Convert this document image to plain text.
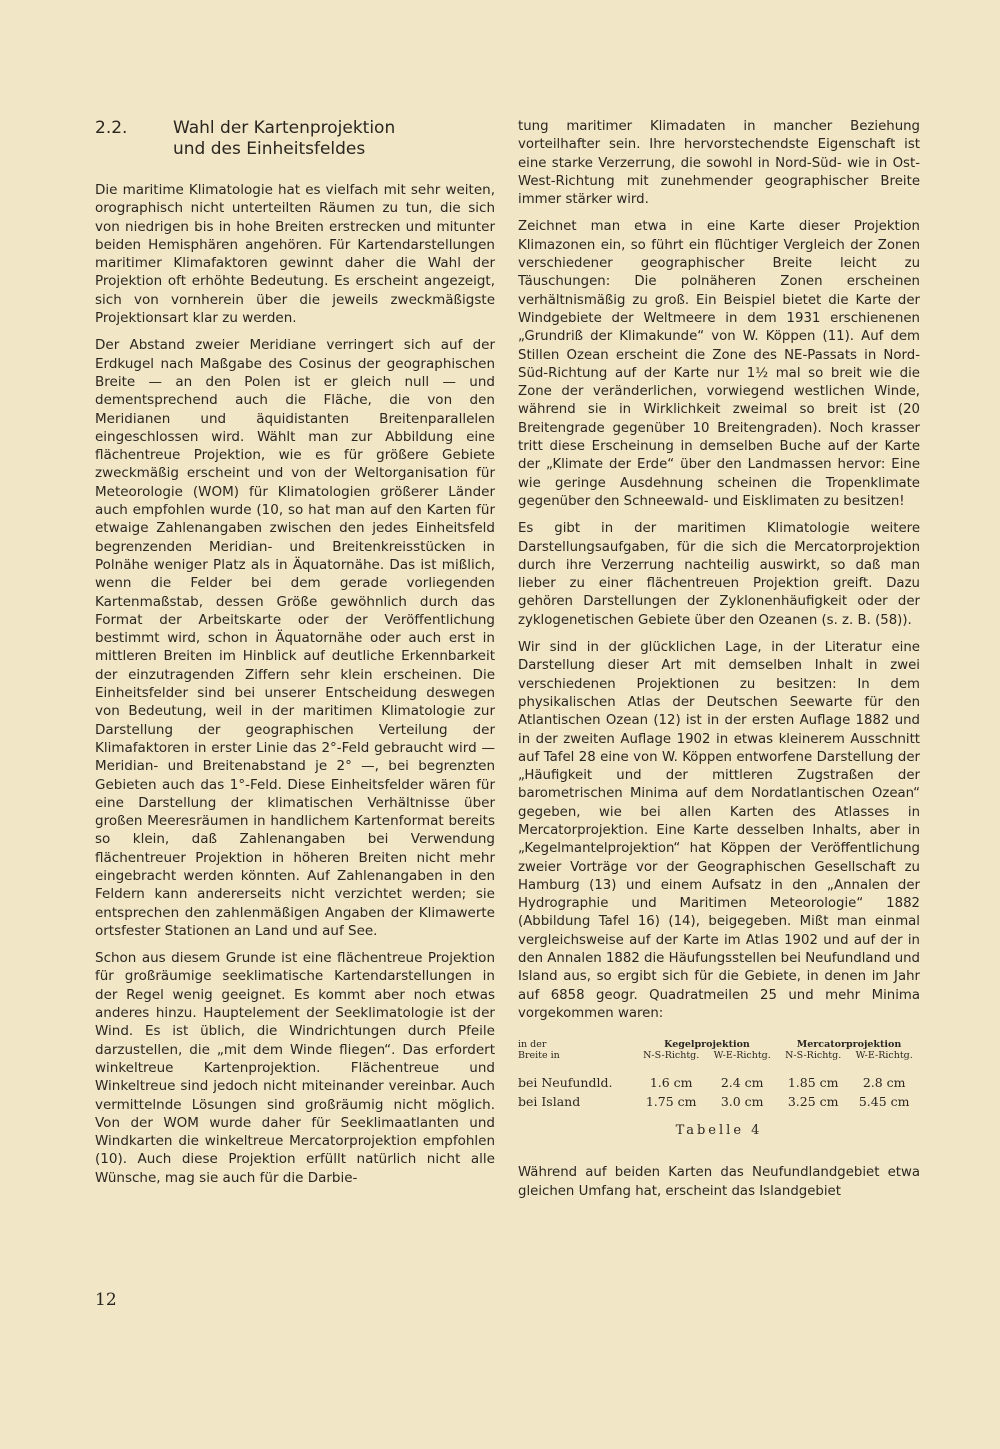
2.2.	Wahl der Kartenprojektion
und des Einheitsfeldes

Die maritime Klimatologie hat es vielfach mit sehr weiten, orographisch nicht unterteilten Räumen zu tun, die sich von niedrigen bis in hohe Breiten erstrecken und mitunter beiden Hemisphären angehören. Für Kartendarstellungen maritimer Klimafaktoren gewinnt daher die Wahl der Projektion oft erhöhte Bedeutung. Es erscheint angezeigt, sich von vornherein über die jeweils zweckmäßigste Projektionsart klar zu werden.

Der Abstand zweier Meridiane verringert sich auf der Erdkugel nach Maßgabe des Cosinus der geographischen Breite — an den Polen ist er gleich null — und dementsprechend auch die Fläche, die von den Meridianen und äquidistanten Breitenparallelen eingeschlossen wird. Wählt man zur Abbildung eine flächentreue Projektion, wie es für größere Gebiete zweckmäßig erscheint und von der Weltorganisation für Meteorologie (WOM) für Klimatologien größerer Länder auch empfohlen wurde (10, so hat man auf den Karten für etwaige Zahlenangaben zwischen den jedes Einheitsfeld begrenzenden Meridian- und Breitenkreisstücken in Polnähe weniger Platz als in Äquatornähe. Das ist mißlich, wenn die Felder bei dem gerade vorliegenden Kartenmaßstab, dessen Größe gewöhnlich durch das Format der Arbeitskarte oder der Veröffentlichung bestimmt wird, schon in Äquatornähe oder auch erst in mittleren Breiten im Hinblick auf deutliche Erkennbarkeit der einzutragenden Ziffern sehr klein erscheinen. Die Einheitsfelder sind bei unserer Entscheidung deswegen von Bedeutung, weil in der maritimen Klimatologie zur Darstellung der geographischen Verteilung der Klimafaktoren in erster Linie das 2°-Feld gebraucht wird — Meridian- und Breitenabstand je 2° —, bei begrenzten Gebieten auch das 1°-Feld. Diese Einheitsfelder wären für eine Darstellung der klimatischen Verhältnisse über großen Meeresräumen in handlichem Kartenformat bereits so klein, daß Zahlenangaben bei Verwendung flächentreuer Projektion in höheren Breiten nicht mehr eingebracht werden könnten. Auf Zahlenangaben in den Feldern kann andererseits nicht verzichtet werden; sie entsprechen den zahlenmäßigen Angaben der Klimawerte ortsfester Stationen an Land und auf See.

Schon aus diesem Grunde ist eine flächentreue Projektion für großräumige seeklimatische Kartendarstellungen in der Regel wenig geeignet. Es kommt aber noch etwas anderes hinzu. Hauptelement der Seeklimatologie ist der Wind. Es ist üblich, die Windrichtungen durch Pfeile darzustellen, die „mit dem Winde fliegen“. Das erfordert winkeltreue Kartenprojektion. Flächentreue und Winkeltreue sind jedoch nicht miteinander vereinbar. Auch vermittelnde Lösungen sind großräumig nicht möglich. Von der WOM wurde daher für Seeklimaatlanten und Windkarten die winkeltreue Mercatorprojektion empfohlen (10). Auch diese Projektion erfüllt natürlich nicht alle Wünsche, mag sie auch für die Darbie-

tung maritimer Klimadaten in mancher Beziehung vorteilhafter sein. Ihre hervorstechendste Eigenschaft ist eine starke Verzerrung, die sowohl in Nord-Süd- wie in Ost-West-Richtung mit zunehmender geographischer Breite immer stärker wird.

Zeichnet man etwa in eine Karte dieser Projektion Klimazonen ein, so führt ein flüchtiger Vergleich der Zonen verschiedener geographischer Breite leicht zu Täuschungen: Die polnäheren Zonen erscheinen verhältnismäßig zu groß. Ein Beispiel bietet die Karte der Windgebiete der Weltmeere in dem 1931 erschienenen „Grundriß der Klimakunde“ von W. Köppen (11). Auf dem Stillen Ozean erscheint die Zone des NE-Passats in Nord-Süd-Richtung auf der Karte nur 1½ mal so breit wie die Zone der veränderlichen, vorwiegend westlichen Winde, während sie in Wirklichkeit zweimal so breit ist (20 Breitengrade gegenüber 10 Breitengraden). Noch krasser tritt diese Erscheinung in demselben Buche auf der Karte der „Klimate der Erde“ über den Landmassen hervor: Eine wie geringe Ausdehnung scheinen die Tropenklimate gegenüber den Schneewald- und Eisklimaten zu besitzen!

Es gibt in der maritimen Klimatologie weitere Darstellungsaufgaben, für die sich die Mercatorprojektion durch ihre Verzerrung nachteilig auswirkt, so daß man lieber zu einer flächentreuen Projektion greift. Dazu gehören Darstellungen der Zyklonenhäufigkeit oder der zyklogenetischen Gebiete über den Ozeanen (s. z. B. (58)).

Wir sind in der glücklichen Lage, in der Literatur eine Darstellung dieser Art mit demselben Inhalt in zwei verschiedenen Projektionen zu besitzen: In dem physikalischen Atlas der Deutschen Seewarte für den Atlantischen Ozean (12) ist in der ersten Auflage 1882 und in der zweiten Auflage 1902 in etwas kleinerem Ausschnitt auf Tafel 28 eine von W. Köppen entworfene Darstellung der „Häufigkeit und der mittleren Zugstraßen der barometrischen Minima auf dem Nordatlantischen Ozean“ gegeben, wie bei allen Karten des Atlasses in Mercatorprojektion. Eine Karte desselben Inhalts, aber in „Kegelmantelprojektion“ hat Köppen der Veröffentlichung zweier Vorträge vor der Geographischen Gesellschaft zu Hamburg (13) und einem Aufsatz in den „Annalen der Hydrographie und Maritimen Meteorologie“ 1882 (Abbildung Tafel 16) (14), beigegeben. Mißt man einmal vergleichsweise auf der Karte im Atlas 1902 und auf der in den Annalen 1882 die Häufungsstellen bei Neufundland und Island aus, so ergibt sich für die Gebiete, in denen im Jahr auf 6858 geogr. Quadratmeilen 25 und mehr Minima vorgekommen waren:

in der
Breite in	Kegelprojektion		Mercatorprojektion	
	N-S-Richtg.	W-E-Richtg.	N-S-Richtg.	W-E-Richtg.
bei Neufundld.	1.6 cm	2.4 cm	1.85 cm	2.8 cm
bei Island	1.75 cm	3.0 cm	3.25 cm	5.45 cm
Tabelle 4

Während auf beiden Karten das Neufundlandgebiet etwa gleichen Umfang hat, erscheint das Islandgebiet

12
